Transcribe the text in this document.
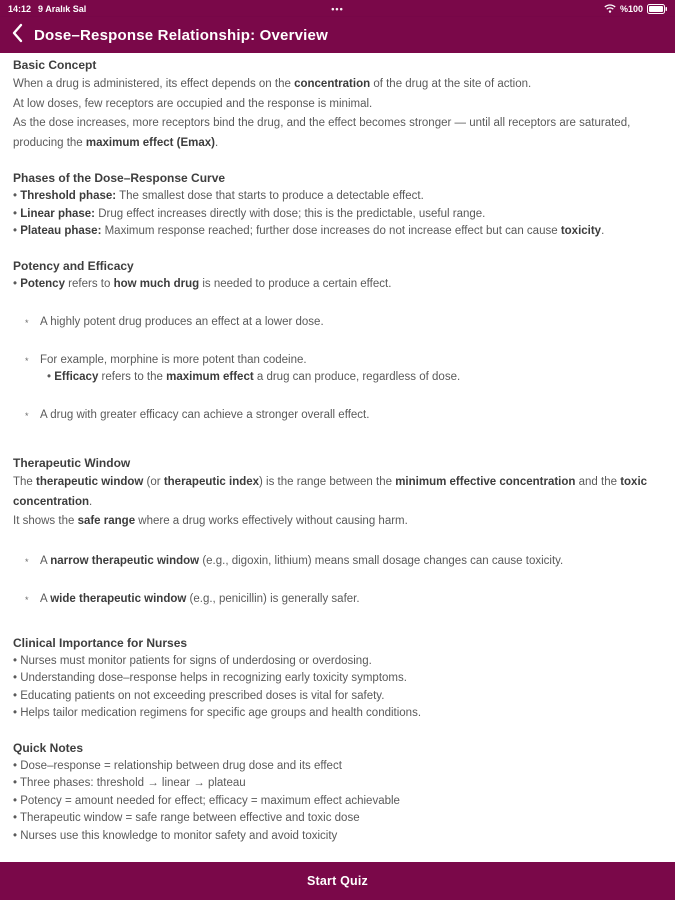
14:12 9 Aralık Sal	•••	%100
Dose–Response Relationship: Overview
Basic Concept
When a drug is administered, its effect depends on the concentration of the drug at the site of action.
At low doses, few receptors are occupied and the response is minimal.
As the dose increases, more receptors bind the drug, and the effect becomes stronger — until all receptors are saturated,
producing the maximum effect (Emax).
Phases of the Dose–Response Curve
• Threshold phase: The smallest dose that starts to produce a detectable effect.
• Linear phase: Drug effect increases directly with dose; this is the predictable, useful range.
• Plateau phase: Maximum response reached; further dose increases do not increase effect but can cause toxicity.
Potency and Efficacy
• Potency refers to how much drug is needed to produce a certain effect.
* A highly potent drug produces an effect at a lower dose.
* For example, morphine is more potent than codeine.
• Efficacy refers to the maximum effect a drug can produce, regardless of dose.
* A drug with greater efficacy can achieve a stronger overall effect.
Therapeutic Window
The therapeutic window (or therapeutic index) is the range between the minimum effective concentration and the toxic
concentration.
It shows the safe range where a drug works effectively without causing harm.
* A narrow therapeutic window (e.g., digoxin, lithium) means small dosage changes can cause toxicity.
* A wide therapeutic window (e.g., penicillin) is generally safer.
Clinical Importance for Nurses
• Nurses must monitor patients for signs of underdosing or overdosing.
• Understanding dose–response helps in recognizing early toxicity symptoms.
• Educating patients on not exceeding prescribed doses is vital for safety.
• Helps tailor medication regimens for specific age groups and health conditions.
Quick Notes
• Dose–response = relationship between drug dose and its effect
• Three phases: threshold → linear → plateau
• Potency = amount needed for effect; efficacy = maximum effect achievable
• Therapeutic window = safe range between effective and toxic dose
• Nurses use this knowledge to monitor safety and avoid toxicity
Start Quiz
